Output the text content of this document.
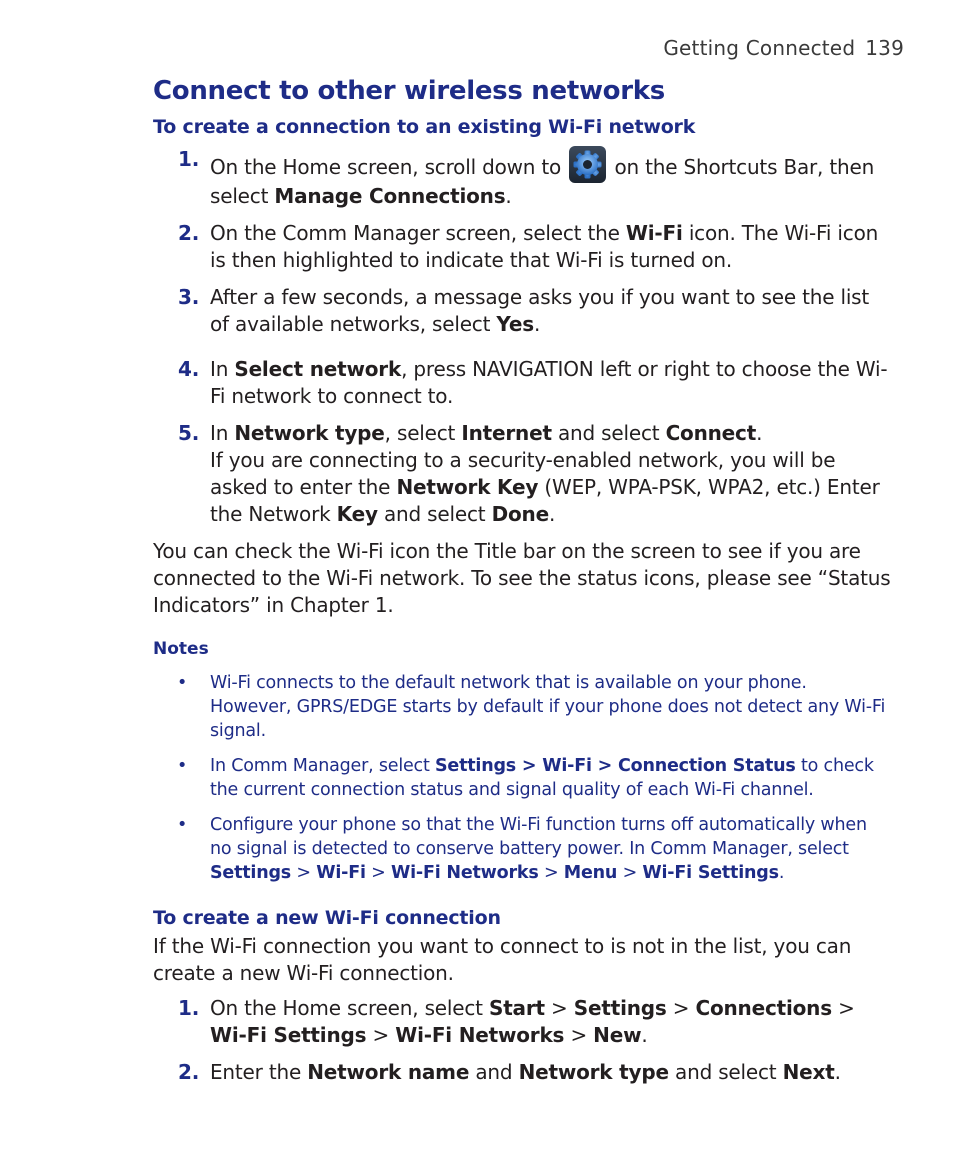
Getting Connected 139
Connect to other wireless networks
To create a connection to an existing Wi-Fi network
1. On the Home screen, scroll down to	on the Shortcuts Bar, then select Manage Connections.
2. On the Comm Manager screen, select the Wi-Fi icon. The Wi-Fi icon is then highlighted to indicate that Wi-Fi is turned on.
3. After a few seconds, a message asks you if you want to see the list of available networks, select Yes.
4. In Select network, press NAVIGATION left or right to choose the Wi-Fi network to connect to.
5. In Network type, select Internet and select Connect.
If you are connecting to a security-enabled network, you will be asked to enter the Network Key (WEP, WPA-PSK, WPA2, etc.) Enter the Network Key and select Done.

You can check the Wi-Fi icon the Title bar on the screen to see if you are connected to the Wi-Fi network. To see the status icons, please see “Status Indicators” in Chapter 1.

Notes
• Wi-Fi connects to the default network that is available on your phone. However, GPRS/EDGE starts by default if your phone does not detect any Wi-Fi signal.
• In Comm Manager, select Settings > Wi-Fi > Connection Status to check the current connection status and signal quality of each Wi-Fi channel.
• Configure your phone so that the Wi-Fi function turns off automatically when no signal is detected to conserve battery power. In Comm Manager, select Settings > Wi-Fi > Wi-Fi Networks > Menu > Wi-Fi Settings.
To create a new Wi-Fi connection

If the Wi-Fi connection you want to connect to is not in the list, you can create a new Wi-Fi connection.

1. On the Home screen, select Start > Settings > Connections >
Wi-Fi Settings > Wi-Fi Networks > New.
2. Enter the Network name and Network type and select Next.
